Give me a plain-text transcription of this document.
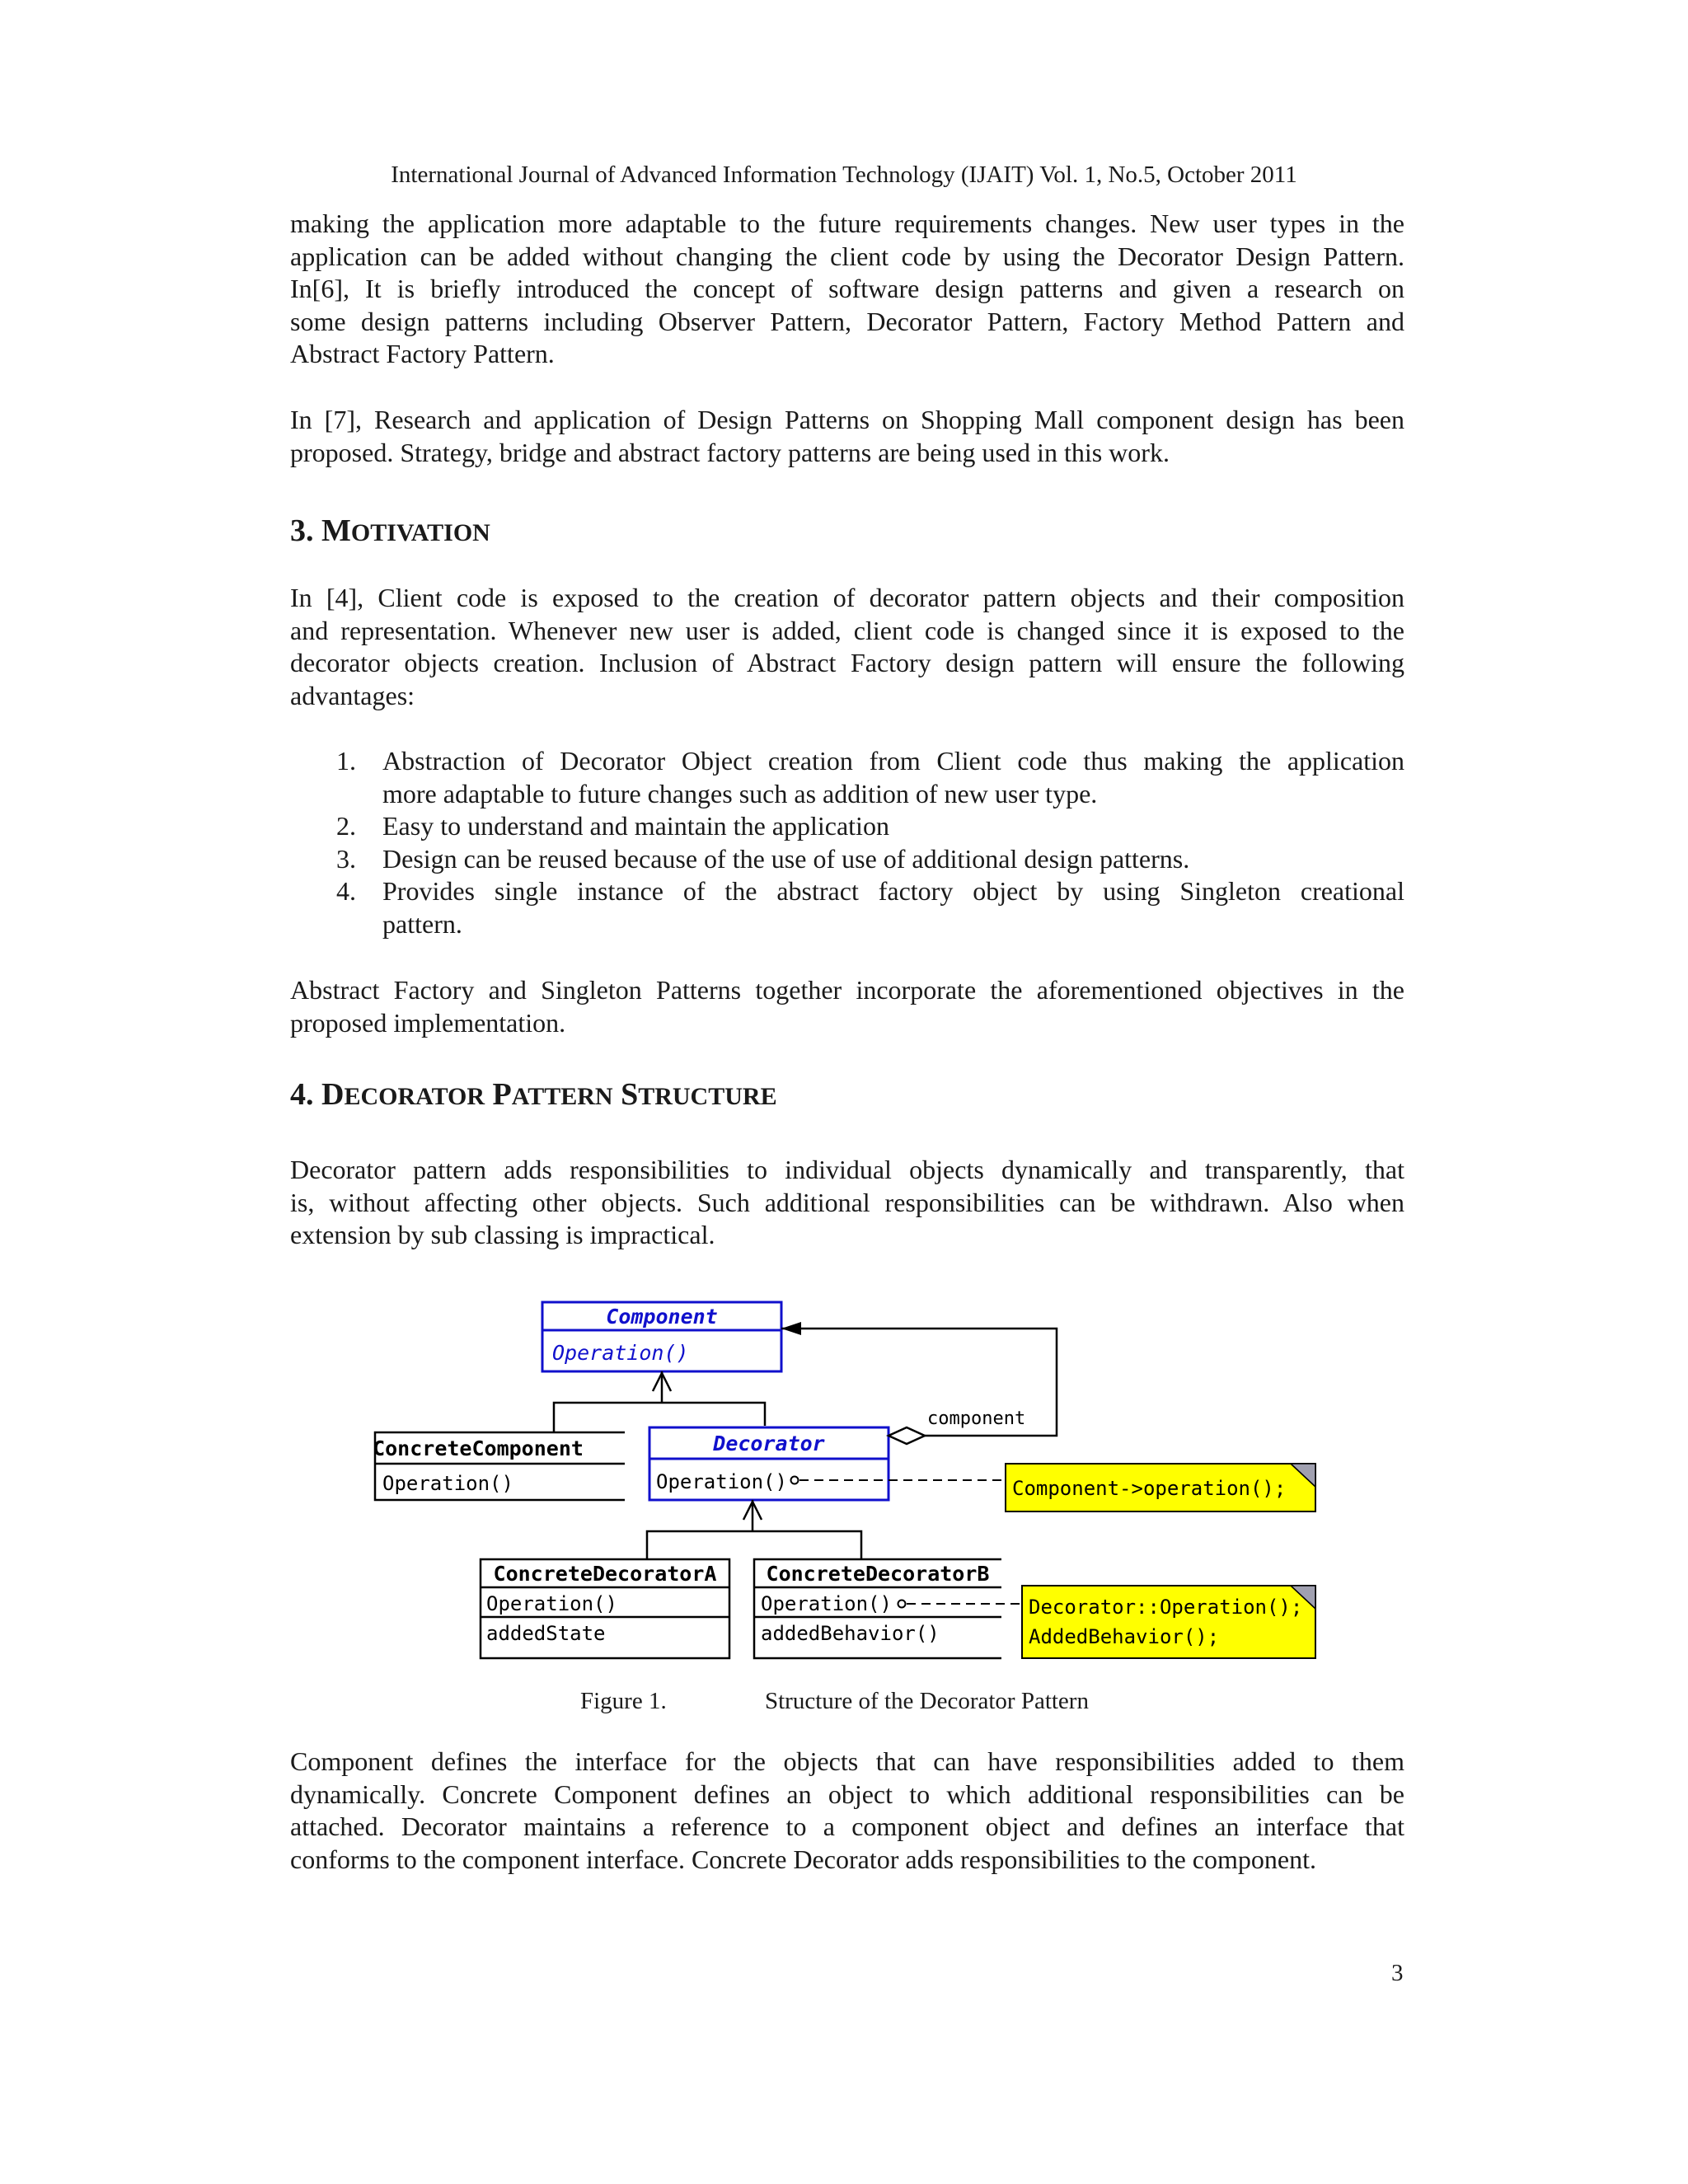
International Journal of Advanced Information Technology (IJAIT) Vol. 1, No.5, October 2011
making the application more adaptable to the future requirements changes. New user types in the
application can be added without changing the client code by using the Decorator Design Pattern.
In[6], It is briefly introduced the concept of software design patterns and given a research on
some design patterns including Observer Pattern, Decorator Pattern, Factory Method Pattern and
Abstract Factory Pattern.
In [7], Research and application of Design Patterns on Shopping Mall component design has been
proposed. Strategy, bridge and abstract factory patterns are being used in this work.
3. MOTIVATION
In [4], Client code is exposed to the creation of decorator pattern objects and their composition
and representation. Whenever new user is added, client code is changed since it is exposed to the
decorator objects creation. Inclusion of Abstract Factory design pattern will ensure the following
advantages:
1. Abstraction of Decorator Object creation from Client code thus making the application
more adaptable to future changes such as addition of new user type.
2. Easy to understand and maintain the application
3. Design can be reused because of the use of use of additional design patterns.
4. Provides single instance of the abstract factory object by using Singleton creational
pattern.
Abstract Factory and Singleton Patterns together incorporate the aforementioned objectives in the
proposed implementation.
4. DECORATOR PATTERN STRUCTURE
Decorator pattern adds responsibilities to individual objects dynamically and transparently, that
is, without affecting other objects. Such additional responsibilities can be withdrawn. Also when
extension by sub classing is impractical.
Component
Operation()
ConcreteComponent
Operation()
Decorator
Operation()
component
Component->operation();
ConcreteDecoratorA
Operation()
addedState
ConcreteDecoratorB
Operation()
addedBehavior()
Decorator::Operation();
AddedBehavior();
Figure 1.	Structure of the Decorator Pattern
Component defines the interface for the objects that can have responsibilities added to them
dynamically. Concrete Component defines an object to which additional responsibilities can be
attached. Decorator maintains a reference to a component object and defines an interface that
conforms to the component interface. Concrete Decorator adds responsibilities to the component.
3
